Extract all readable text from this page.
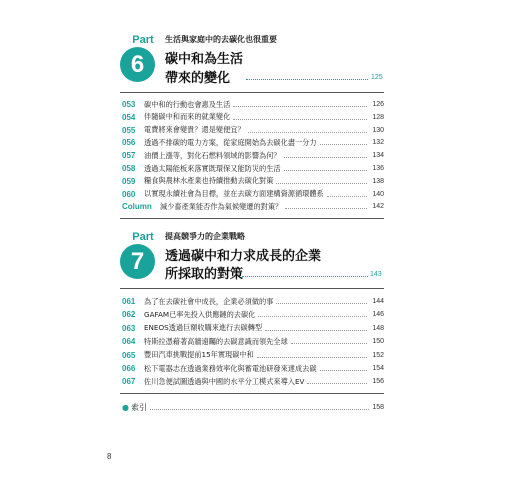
Part
6
生活與家庭中的去碳化也很重要
碳中和為生活
帶來的變化	125
053	碳中和的行動也會惠及生活	126
054	伴隨碳中和而來的就業變化	128
055	電費將來會變貴？還是變便宜？	130
056	透過不排碳的電力方案，從家庭開始為去碳化盡一分力	132
057	油價上漲等，對化石燃料領域的影響為何？	134
058	透過太陽能板來落實既環保又能防災的生活	136
059	糧食與農林水產業也持續推動去碳化對策	138
060	以實現永續社會為目標，並在去碳方面建構資源循環體系	140
Column	減少畜產業能否作為氣候變遷的對策？	142
Part
7
提高競爭力的企業戰略
透過碳中和力求成長的企業
所採取的對策	143
061	為了在去碳社會中成長，企業必須做的事	144
062	GAFAM已率先投入供應鏈的去碳化	146
063	ENEOS透過巨額收購來進行去碳轉型	148
064	特斯拉憑藉著高牆遠矚的去碳意識而領先全球	150
065	豐田汽車挑戰提前15年實現碳中和	152
066	松下電器志在透過業務效率化與蓄電池研發來達成去碳	154
067	佐川急便試圖透過與中國的水平分工模式來導入EV	156
● 索引	158
8
